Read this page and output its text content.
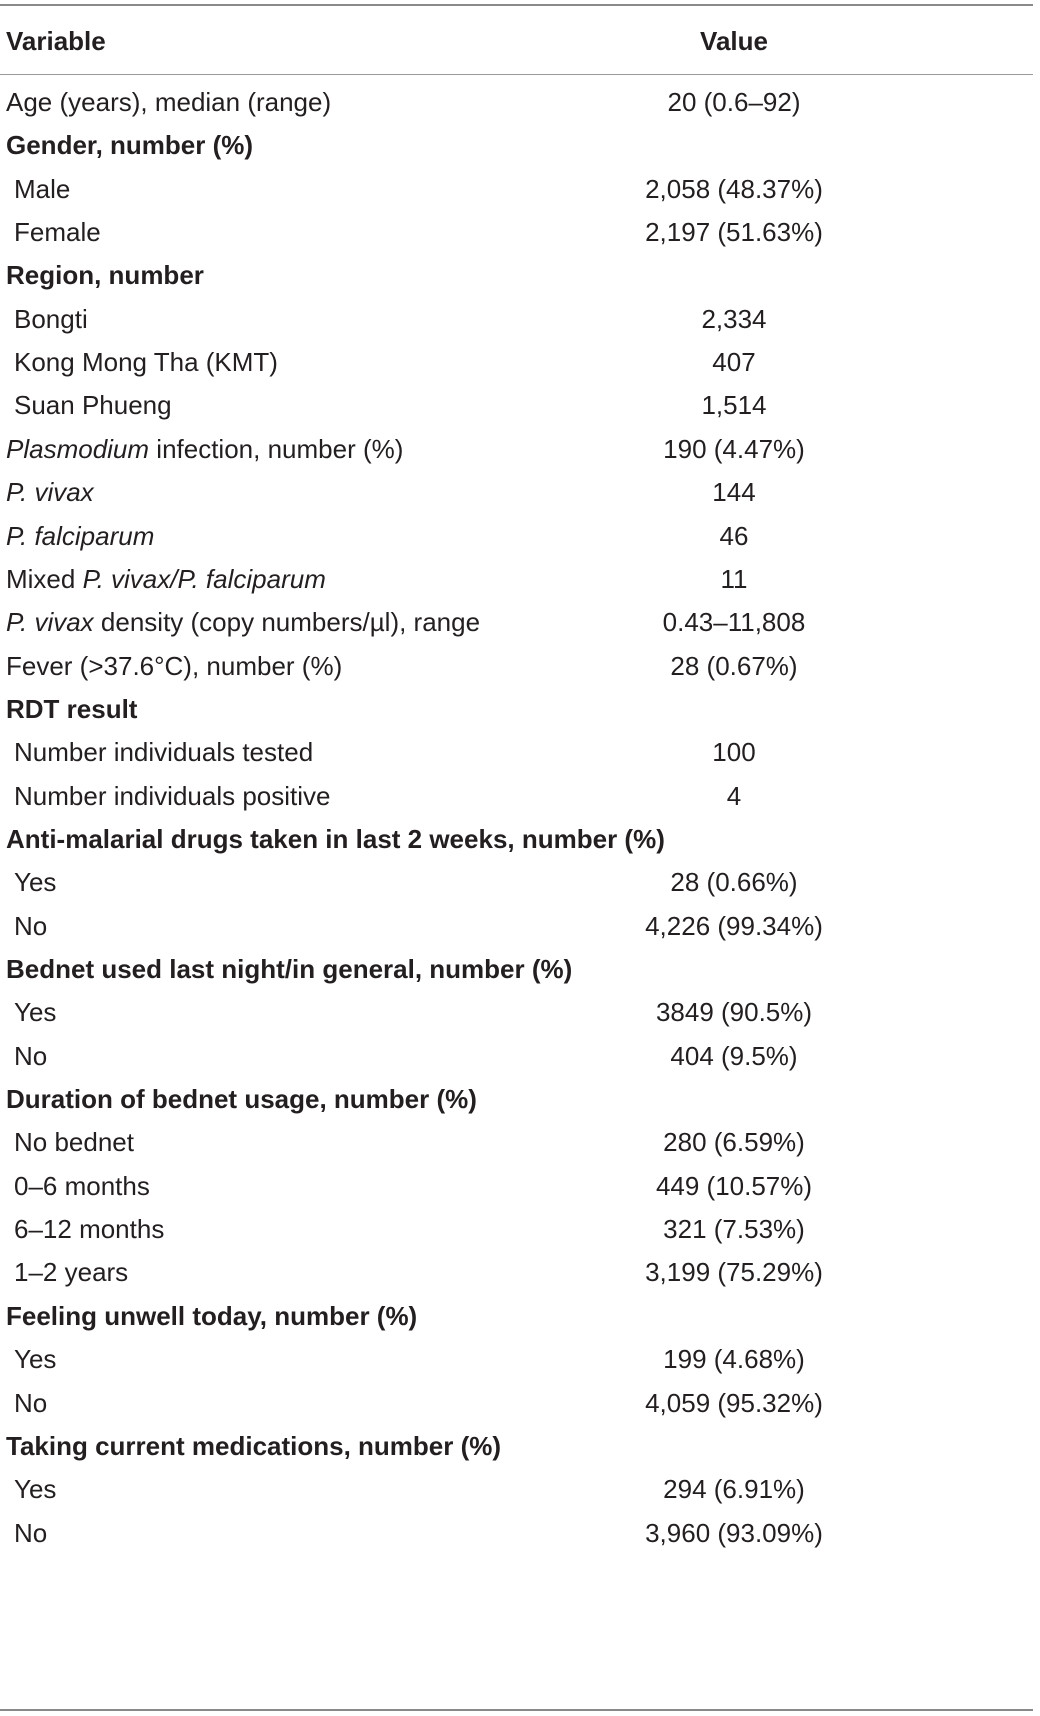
Variable	Value
Age (years), median (range)	20 (0.6–92)
Gender, number (%)
Male	2,058 (48.37%)
Female	2,197 (51.63%)
Region, number
Bongti	2,334
Kong Mong Tha (KMT)	407
Suan Phueng	1,514
Plasmodium infection, number (%)	190 (4.47%)
P. vivax	144
P. falciparum	46
Mixed P. vivax/P. falciparum	11
P. vivax density (copy numbers/µl), range	0.43–11,808
Fever (>37.6°C), number (%)	28 (0.67%)
RDT result
Number individuals tested	100
Number individuals positive	4
Anti-malarial drugs taken in last 2 weeks, number (%)
Yes	28 (0.66%)
No	4,226 (99.34%)
Bednet used last night/in general, number (%)
Yes	3849 (90.5%)
No	404 (9.5%)
Duration of bednet usage, number (%)
No bednet	280 (6.59%)
0–6 months	449 (10.57%)
6–12 months	321 (7.53%)
1–2 years	3,199 (75.29%)
Feeling unwell today, number (%)
Yes	199 (4.68%)
No	4,059 (95.32%)
Taking current medications, number (%)
Yes	294 (6.91%)
No	3,960 (93.09%)
